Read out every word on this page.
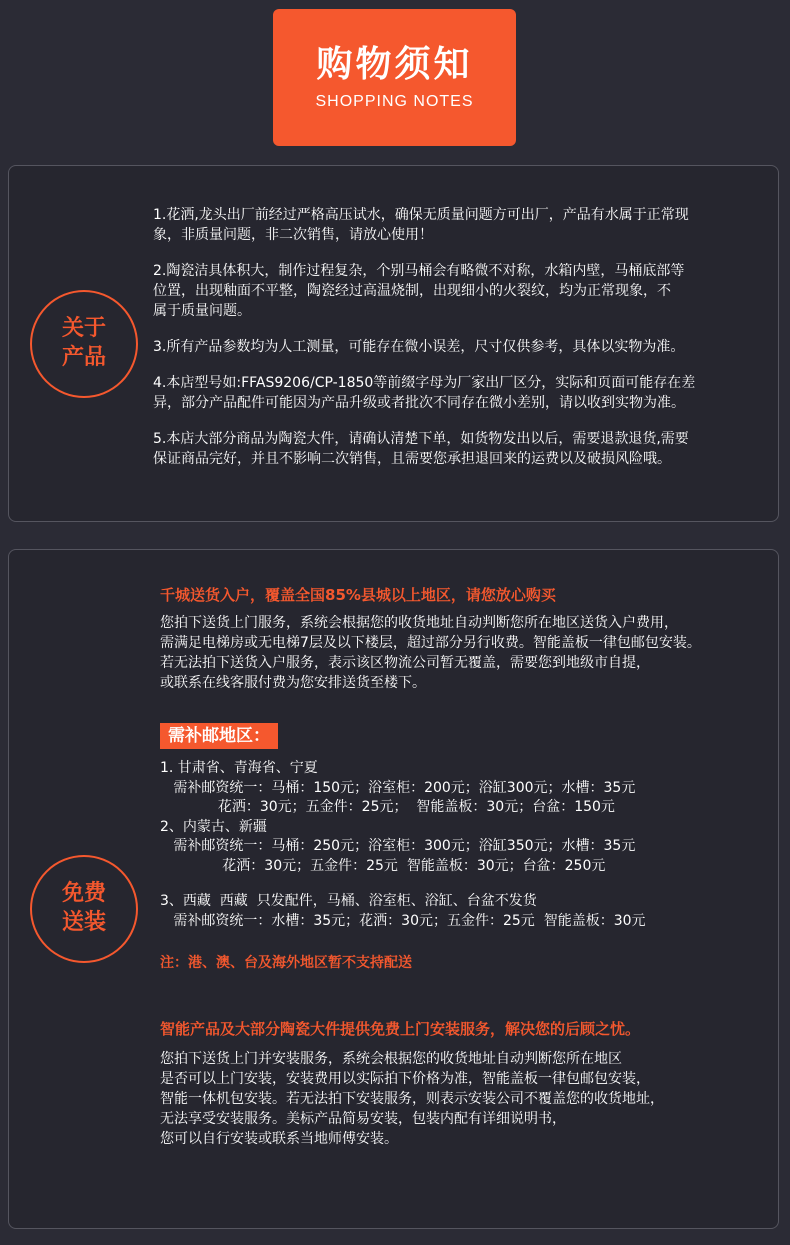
购物须知
SHOPPING NOTES
关于
产品

1.花洒,龙头出厂前经过严格高压试水，确保无质量问题方可出厂，产品有水属于正常现
象，非质量问题，非二次销售，请放心使用！

2.陶瓷洁具体积大，制作过程复杂，个别马桶会有略微不对称，水箱内壁，马桶底部等
位置，出现釉面不平整，陶瓷经过高温烧制，出现细小的火裂纹，均为正常现象，不
属于质量问题。

3.所有产品参数均为人工测量，可能存在微小误差，尺寸仅供参考，具体以实物为准。

4.本店型号如:FFAS9206/CP-1850等前缀字母为厂家出厂区分，实际和页面可能存在差
异，部分产品配件可能因为产品升级或者批次不同存在微小差别，请以收到实物为准。

5.本店大部分商品为陶瓷大件，请确认清楚下单，如货物发出以后，需要退款退货,需要
保证商品完好，并且不影响二次销售，且需要您承担退回来的运费以及破损风险哦。

免费
送装

千城送货入户，覆盖全国85%县城以上地区，请您放心购买

您拍下送货上门服务，系统会根据您的收货地址自动判断您所在地区送货入户费用，
需满足电梯房或无电梯7层及以下楼层，超过部分另行收费。智能盖板一律包邮包安装。
若无法拍下送货入户服务，表示该区物流公司暂无覆盖，需要您到地级市自提，
或联系在线客服付费为您安排送货至楼下。

需补邮地区：

1. 甘肃省、青海省、宁夏

需补邮资统一：马桶：150元；浴室柜：200元；浴缸300元；水槽：35元

花洒：30元；五金件：25元；  智能盖板：30元；台盆：150元

2、内蒙古、新疆

需补邮资统一：马桶：250元；浴室柜：300元；浴缸350元；水槽：35元

花洒：30元；五金件：25元  智能盖板：30元；台盆：250元

3、西藏  西藏  只发配件，马桶、浴室柜、浴缸、台盆不发货

需补邮资统一：水槽：35元；花洒：30元；五金件：25元  智能盖板：30元

注：港、澳、台及海外地区暂不支持配送

智能产品及大部分陶瓷大件提供免费上门安装服务，解决您的后顾之忧。

您拍下送货上门并安装服务，系统会根据您的收货地址自动判断您所在地区
是否可以上门安装，安装费用以实际拍下价格为准，智能盖板一律包邮包安装，
智能一体机包安装。若无法拍下安装服务，则表示安装公司不覆盖您的收货地址，
无法享受安装服务。美标产品简易安装，包装内配有详细说明书，
您可以自行安装或联系当地师傅安装。
